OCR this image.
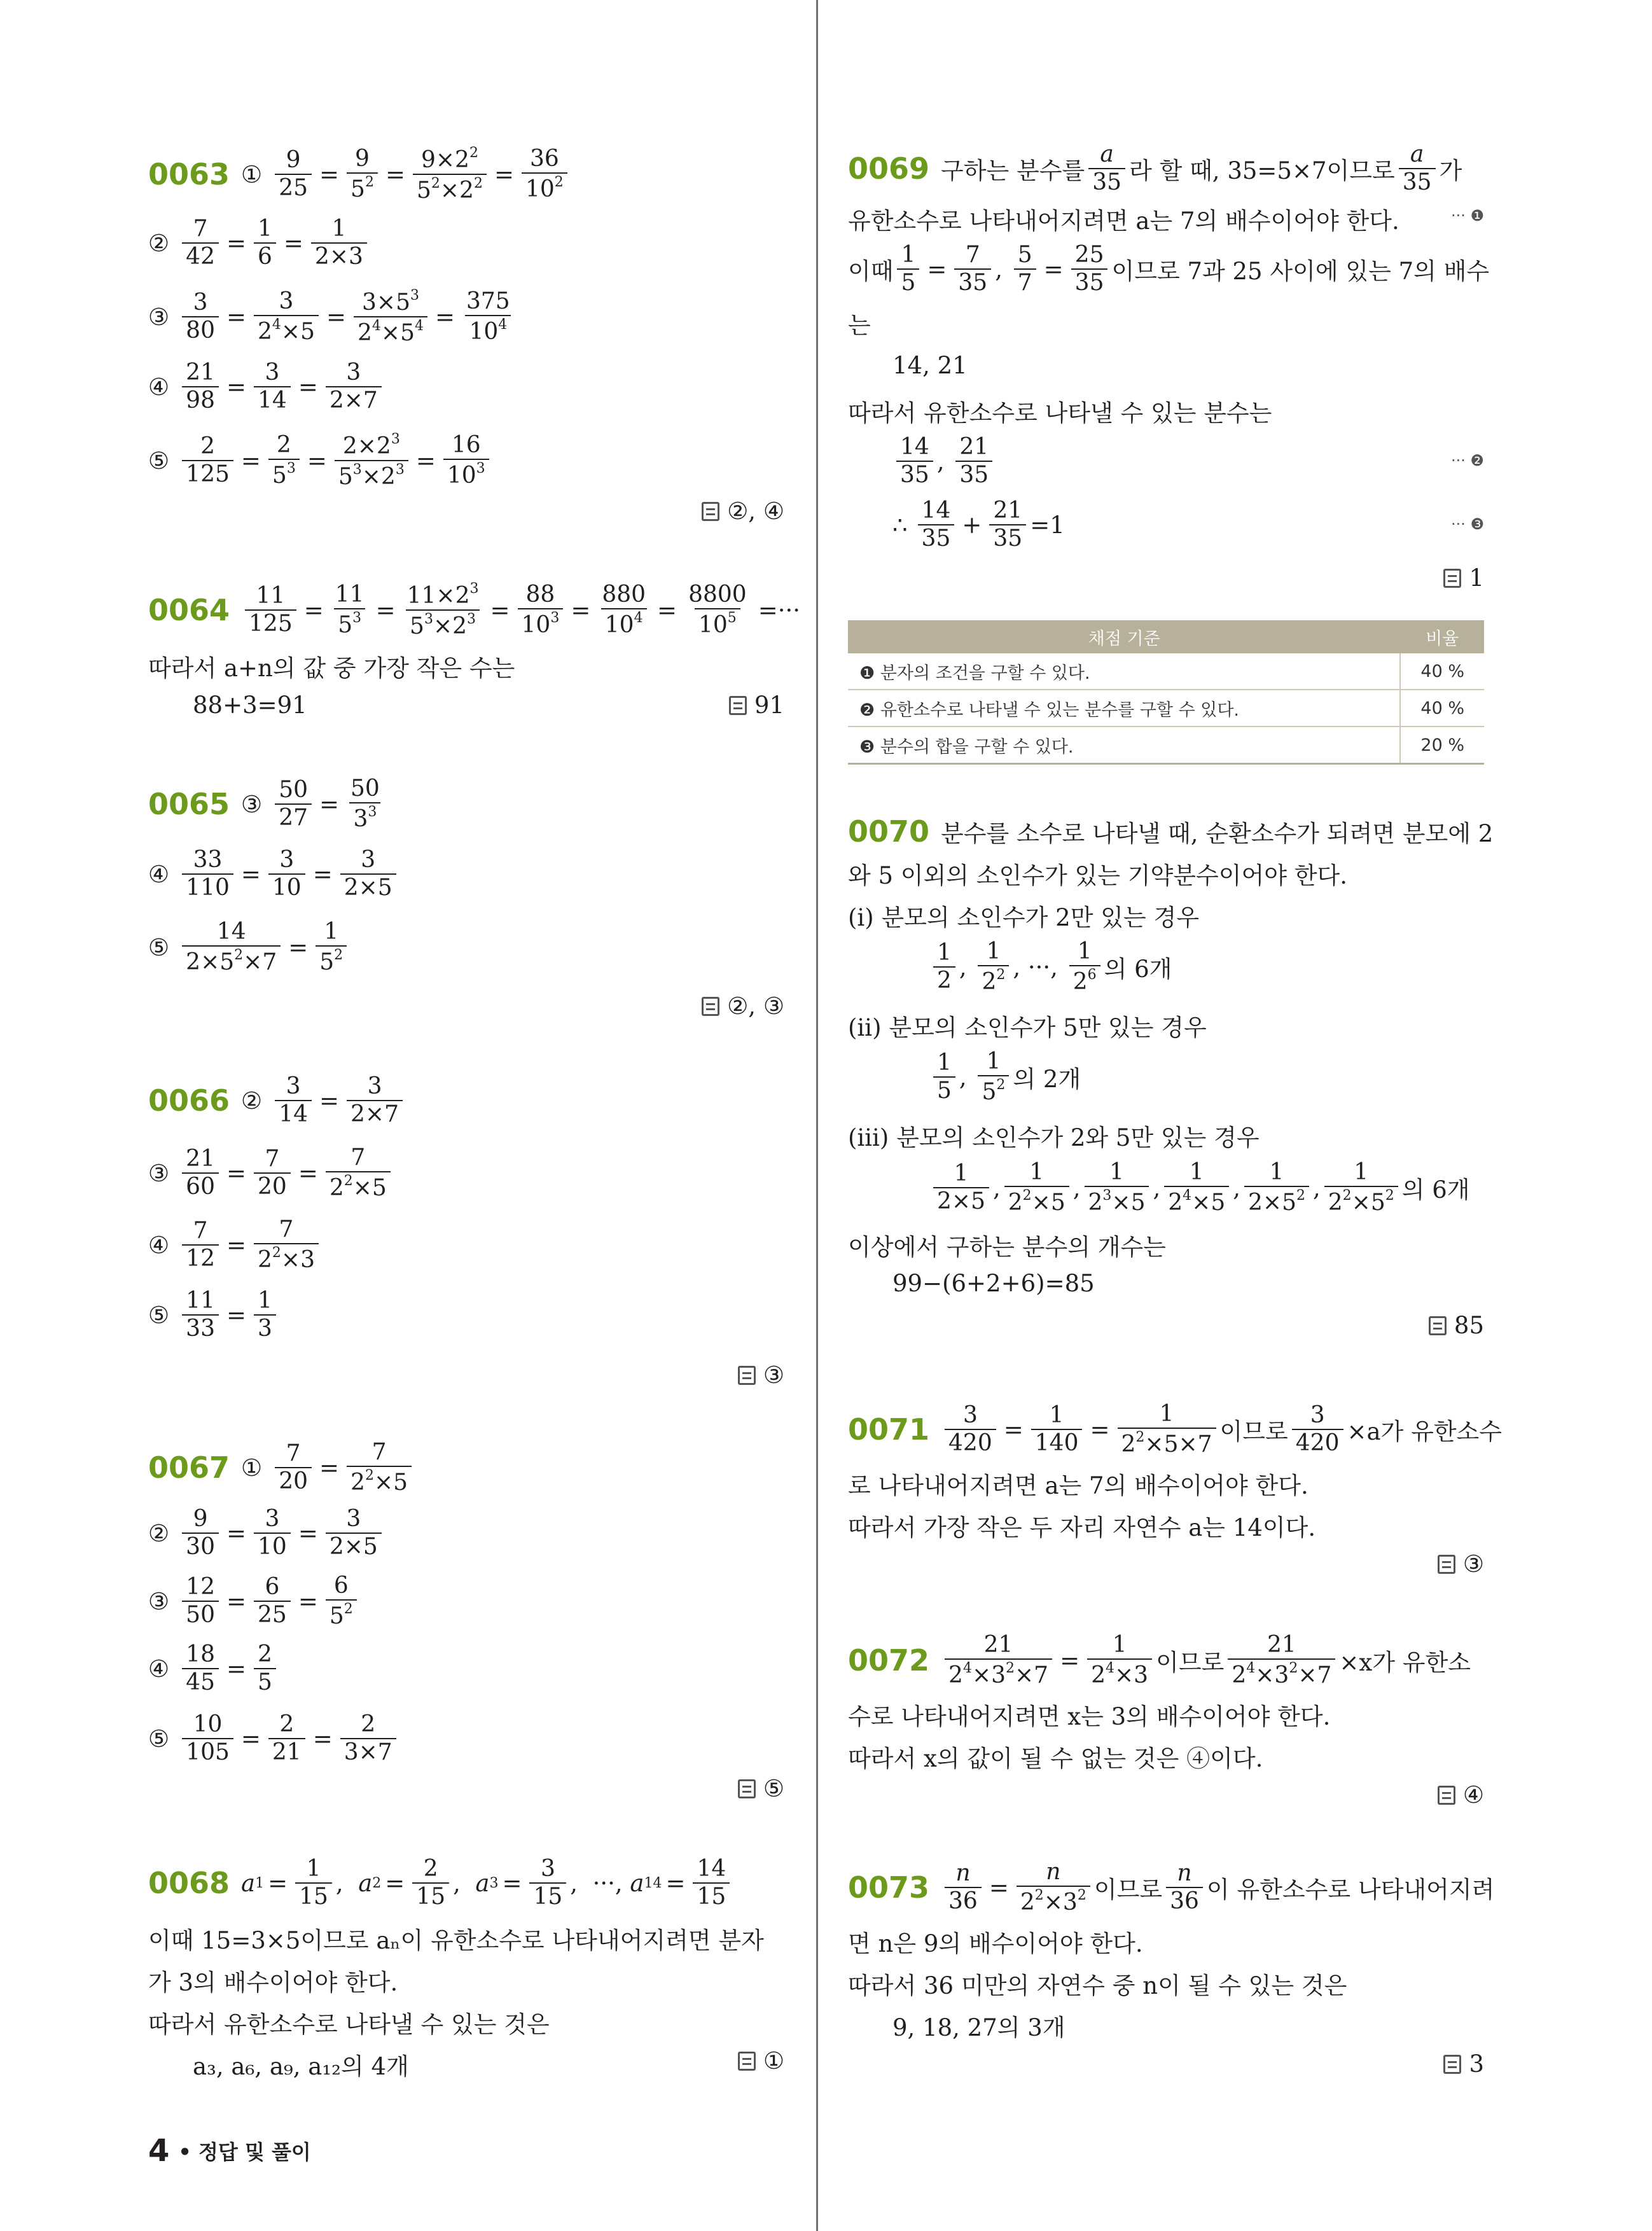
0063 ① $\frac{9}{25} = \frac{9}{5^2} = \frac{9\times 2^2}{5^2\times 2^2} = \frac{36}{10^2}$
② $\frac{7}{42} = \frac{1}{6} = \frac{1}{2\times 3}$
③ $\frac{3}{80} = \frac{3}{2^4\times 5} = \frac{3\times 5^3}{2^4\times 5^4} = \frac{375}{10^4}$
④ $\frac{21}{98} = \frac{3}{14} = \frac{3}{2\times 7}$
⑤ $\frac{2}{125} = \frac{2}{5^3} = \frac{2\times 2^3}{5^3\times 2^3} = \frac{16}{10^3}$
②, ④
$0064 \frac{11}{125} = \frac{11}{5^3} = \frac{11\times 2^3}{5^3\times 2^3} = \frac{88}{10^3} = \frac{880}{10^4} = \frac{8800}{10^5}$ =···
따라서 a+n의 값 중 가장 작은 수는
88+3=91	91
0065 ③ $\frac{50}{27} = \frac{50}{3^3}$
④ $\frac{33}{110} = \frac{3}{10} = \frac{3}{2\times 5}$
⑤ $\frac{14}{2\times 5^2\times 7} = \frac{1}{5^2}$
②, ③
0066 ② $\frac{3}{14} = \frac{3}{2\times 7}$
③ $\frac{21}{60} = \frac{7}{20} = \frac{7}{2^2\times 5}$
④ $\frac{7}{12} = \frac{7}{2^2\times 3}$
⑤ $\frac{11}{33} = \frac{1}{3}$
③
0067 ① $\frac{7}{20} = \frac{7}{2^2\times 5}$
② $\frac{9}{30} = \frac{3}{10} = \frac{3}{2\times 5}$
③ $\frac{12}{50} = \frac{6}{25} = \frac{6}{5^2}$
④ $\frac{18}{45} = \frac{2}{5}$
⑤ $\frac{10}{105} = \frac{2}{21} = \frac{2}{3\times 7}$
⑤
0068 a $1 = \frac{1}{15}$ , a $2 = \frac{2}{15}$ , a $3 = \frac{3}{15}$ ,  ···, a $14 = \frac{14}{15}$
이때 15=3×5이므로 aₙ이 유한소수로 나타내어지려면 분자
가 3의 배수이어야 한다.
따라서 유한소수로 나타낼 수 있는 것은
a₃, a₆, a₉, a₁₂의 4개	①
0069 구하는 분수를 $\frac{a}{35}$ 라 할 때, 35=5×7이므로 $\frac{a}{35}$ 가
유한소수로 나타내어지려면 a는 7의 배수이어야 한다.	··· ❶
이때 $\frac{1}{5} = \frac{7}{35}$ , $\frac{5}{7} = \frac{25}{35}$ 이므로 7과 25 사이에 있는 7의 배수
는
14, 21
따라서 유한소수로 나타낼 수 있는 분수는
$\frac{14}{35}$ , $\frac{21}{35}$	··· ❷
∴ $\frac{14}{35} + \frac{21}{35} =1$	··· ❸
1
채점 기준	비율
❶ 분자의 조건을 구할 수 있다.	40 %
❷ 유한소수로 나타낼 수 있는 분수를 구할 수 있다.	40 %
❸ 분수의 합을 구할 수 있다.	20 %
0070 분수를 소수로 나타낼 때, 순환소수가 되려면 분모에 2
와 5 이외의 소인수가 있는 기약분수이어야 한다.
(ⅰ) 분모의 소인수가 2만 있는 경우
$\frac{1}{2}$ , $\frac{1}{2^2}$ , ···, $\frac{1}{2^6}$ 의 6개
(ⅱ) 분모의 소인수가 5만 있는 경우
$\frac{1}{5}$ , $\frac{1}{5^2}$ 의 2개
(ⅲ) 분모의 소인수가 2와 5만 있는 경우
$\frac{1}{2\times 5}$ , $\frac{1}{2^2\times 5}$ , $\frac{1}{2^3\times 5}$ , $\frac{1}{2^4\times 5}$ , $\frac{1}{2\times 5^2}$ , $\frac{1}{2^2\times 5^2}$ 의 6개
이상에서 구하는 분수의 개수는
99−(6+2+6)=85
85
$0071 \frac{3}{420} = \frac{1}{140} = \frac{1}{2^2\times 5\times 7}$ 이므로 $\frac{3}{420} \times a$가 유한소수
로 나타내어지려면 a는 7의 배수이어야 한다.
따라서 가장 작은 두 자리 자연수 a는 14이다.
③
$0072 \frac{21}{2^4\times 3^2\times 7} = \frac{1}{2^4\times 3}$ 이므로 $\frac{21}{2^4\times 3^2\times 7} \times x$가 유한소
수로 나타내어지려면 x는 3의 배수이어야 한다.
따라서 x의 값이 될 수 없는 것은 ④이다.
④
$0073 \frac{n}{36} = \frac{n}{2^2\times 3^2}$ 이므로 $\frac{n}{36}$ 이 유한소수로 나타내어지려
면 n은 9의 배수이어야 한다.
따라서 36 미만의 자연수 중 n이 될 수 있는 것은
9, 18, 27의 3개
3
4 • 정답 및 풀이
